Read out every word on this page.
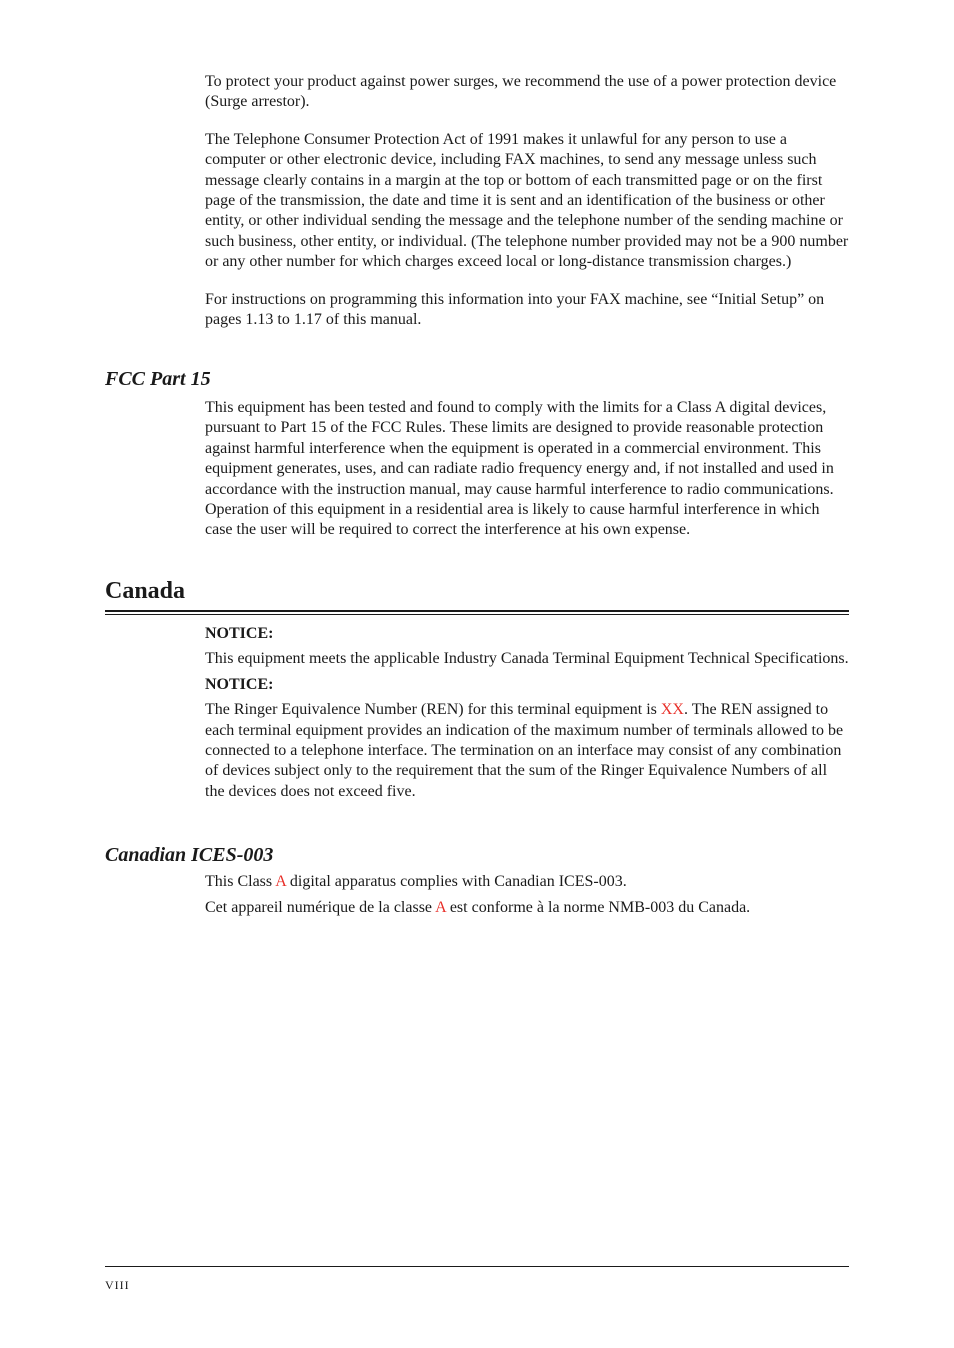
To protect your product against power surges, we recommend the use of a power protection device (Surge arrestor).

The Telephone Consumer Protection Act of 1991 makes it unlawful for any person to use a computer or other electronic device, including FAX machines, to send any message unless such message clearly contains in a margin at the top or bottom of each transmitted page or on the first page of the transmission, the date and time it is sent and an identification of the business or other entity, or other individual sending the message and the telephone number of the sending machine or such business, other entity, or individual. (The telephone number provided may not be a 900 number or any other number for which charges exceed local or long-distance transmission charges.)

For instructions on programming this information into your FAX machine, see “Initial Setup” on pages 1.13 to 1.17 of this manual.

FCC Part 15

This equipment has been tested and found to comply with the limits for a Class A digital devices, pursuant to Part 15 of the FCC Rules. These limits are designed to provide reasonable protection against harmful interference when the equipment is operated in a commercial environment. This equipment generates, uses, and can radiate radio frequency energy and, if not installed and used in accordance with the instruction manual, may cause harmful interference to radio communications. Operation of this equipment in a residential area is likely to cause harmful interference in which case the user will be required to correct the interference at his own expense.

Canada

NOTICE:

This equipment meets the applicable Industry Canada Terminal Equipment Technical Specifications.

NOTICE:

The Ringer Equivalence Number (REN) for this terminal equipment is XX. The REN assigned to each terminal equipment provides an indication of the maximum number of terminals allowed to be connected to a telephone interface. The termination on an interface may consist of any combination of devices subject only to the requirement that the sum of the Ringer Equivalence Numbers of all the devices does not exceed five.

Canadian ICES-003

This Class A digital apparatus complies with Canadian ICES-003.

Cet appareil numérique de la classe A est conforme à la norme NMB-003 du Canada.

VIII
